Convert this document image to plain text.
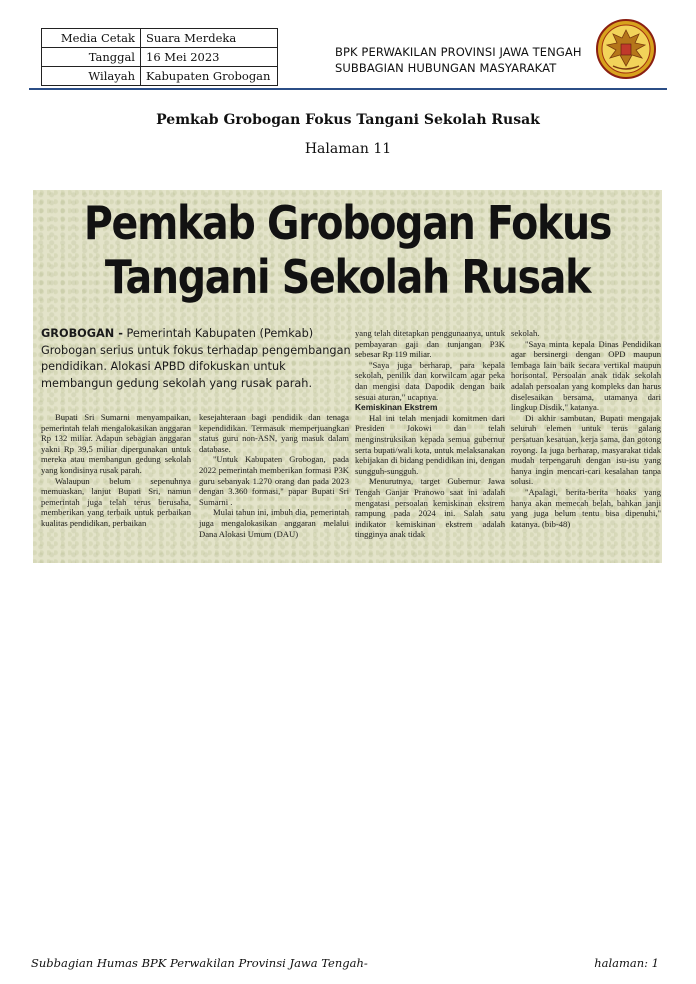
Media Cetak	Suara Merdeka
Tanggal	16 Mei 2023
Wilayah	Kabupaten Grobogan
BPK PERWAKILAN PROVINSI JAWA TENGAH
SUBBAGIAN HUBUNGAN MASYARAKAT
Pemkab Grobogan Fokus Tangani Sekolah Rusak
Halaman 11
Pemkab Grobogan Fokus
Tangani Sekolah Rusak
GROBOGAN - Pemerintah Kabupaten (Pemkab) Grobogan serius untuk fokus terhadap pengembangan pendidikan. Alokasi APBD difokuskan untuk membangun gedung sekolah yang rusak parah.

Bupati Sri Sumarni menyampaikan, pemerintah telah mengalokasikan anggaran Rp 132 miliar. Adapun sebagian anggaran yakni Rp 39,5 miliar dipergunakan untuk merekа atau membangun gedung sekolah yang kondisinya rusak parah.

Walaupun belum sepenuhnya memuaskan, lanjut Bupati Sri, namun pemerintah juga telah terus berusaha, memberikan yang terbaik untuk perbaikan kualitas pendidikan, perbaikan

kesejahteraan bagi pendidik dan tenaga kependidikan. Termasuk memperjuangkan status guru non-ASN, yang masuk dalam database.

"Untuk Kabupaten Grobogan, pada 2022 pemerintah memberikan formasi P3K guru sebanyak 1.270 orang dan pada 2023 dengan 3.360 formasi," papar Bupati Sri Sumarni .

Mulai tahun ini, imbuh dia, pemerintah juga mengalokasikan anggaran melalui Dana Alokasi Umum (DAU)

yang telah ditetapkan penggunaanya, untuk pembayaran gaji dan tunjangan P3K sebesar Rp 119 miliar.

"Saya juga berharap, para kepala sekolah, penilik dan korwilcam agar peka dan mengisi data Dapodik dengan baik sesuai aturan," ucapnya.

Kemiskinan Ekstrem

Hal ini telah menjadi komitmen dari Presiden Jokowi dan telah menginstruksikan kepada semua gubernur serta bupati/wali kota, untuk melaksanakan kebijakan di bidang pendidikan ini, dengan sungguh-sungguh.

Menurutnya, target Gubernur Jawa Tengah Ganjar Pranowo saat ini adalah mengatasi persoalan kemiskinan ekstrem rampung pada 2024 ini. Salah satu indikator kemiskinan ekstrem adalah tingginya anak tidak

sekolah.

"Saya minta kepala Dinas Pendidikan agar bersinergi dengan OPD maupun lembaga lain baik secara vertikal maupun horisontal. Persoalan anak tidak sekolah adalah persoalan yang kompleks dan harus diselesaikan bersama, utamanya dari lingkup Disdik," katanya.

Di akhir sambutan, Bupati mengajak seluruh elemen untuk terus galang persatuan kesatuan, kerja sama, dan gotong royong. Ia juga berharap, masyarakat tidak mudah terpengaruh dengan isu-isu yang hanya ingin mencari-cari kesalahan tanpa solusi.

"Apalagi, berita-berita hoaks yang hanya akan memecah belah, bahkan janji yang juga belum tentu bisa dipenuhi," katanya. (bib-48)

Subbagian Humas BPK Perwakilan Provinsi Jawa Tengah-	halaman: 1
